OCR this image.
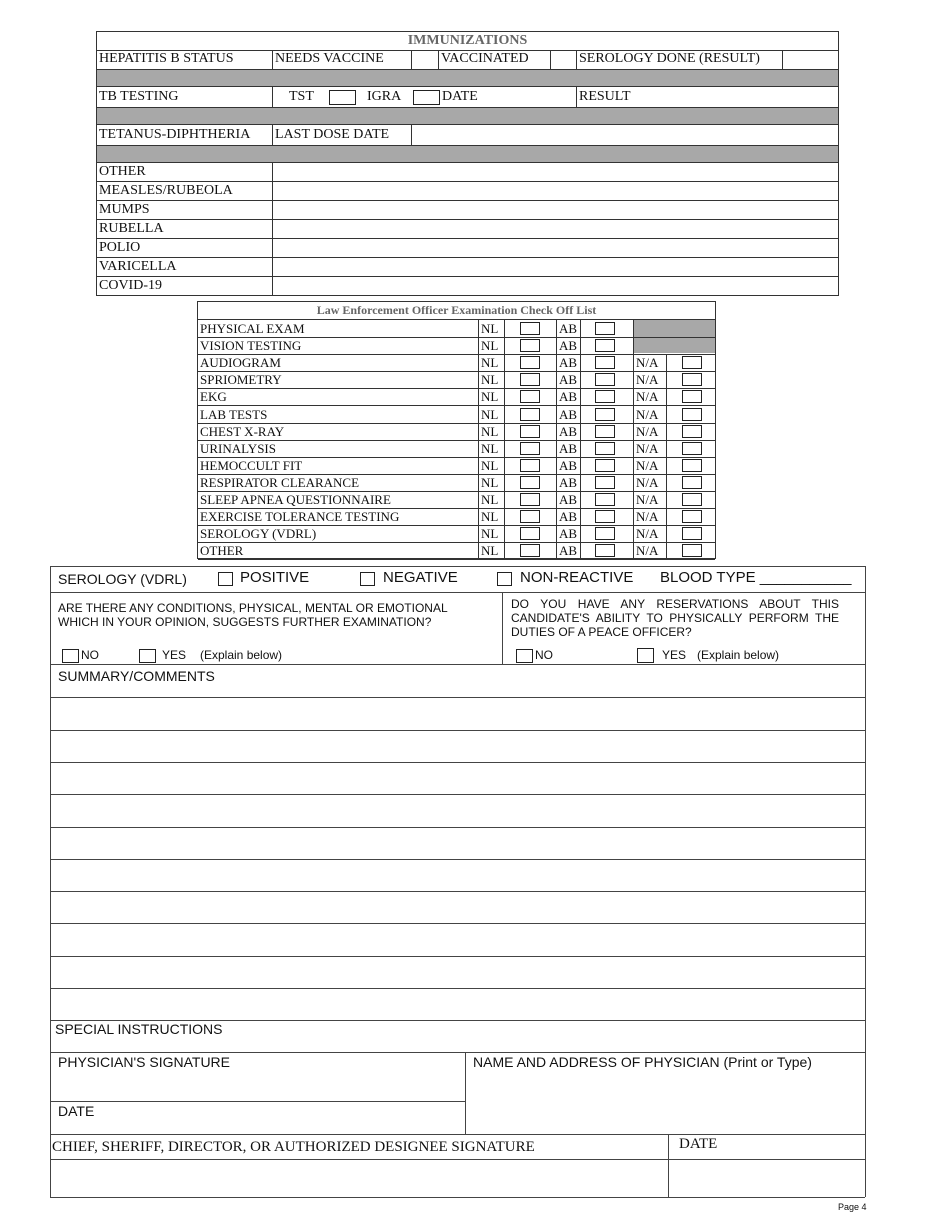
IMMUNIZATIONS
HEPATITIS B STATUS	NEEDS VACCINE	VACCINATED	SEROLOGY DONE (RESULT)
TB TESTING	TST	IGRA	DATE	RESULT
TETANUS-DIPHTHERIA LAST DOSE DATE
OTHER
MEASLES/RUBEOLA
MUMPS
RUBELLA
POLIO
VARICELLA
COVID-19
Law Enforcement Officer Examination Check Off List
PHYSICAL EXAM	NL	AB
VISION TESTING	NL	AB
AUDIOGRAM	NL	AB	N/A
SPRIOMETRY	NL	AB	N/A
EKG	NL	AB	N/A
LAB TESTS	NL	AB	N/A
CHEST X-RAY	NL	AB	N/A
URINALYSIS	NL	AB	N/A
HEMOCCULT FIT	NL	AB	N/A
RESPIRATOR CLEARANCE	NL	AB	N/A
SLEEP APNEA QUESTIONNAIRE	NL	AB	N/A
EXERCISE TOLERANCE TESTING	NL	AB	N/A
SEROLOGY (VDRL)	NL	AB	N/A
OTHER	NL	AB	N/A
SEROLOGY (VDRL)	POSITIVE	NEGATIVE	NON-REACTIVE BLOOD TYPE ___________
ARE THERE ANY CONDITIONS, PHYSICAL, MENTAL OR EMOTIONAL WHICH IN YOUR OPINION, SUGGESTS FURTHER EXAMINATION?
NO	YES (Explain below)
DO YOU HAVE ANY RESERVATIONS ABOUT THIS CANDIDATE'S ABILITY TO PHYSICALLY PERFORM THE DUTIES OF A PEACE OFFICER?
NO	YES (Explain below)
SUMMARY/COMMENTS
SPECIAL INSTRUCTIONS
PHYSICIAN'S SIGNATURE
DATE
NAME AND ADDRESS OF PHYSICIAN (Print or Type)
CHIEF, SHERIFF, DIRECTOR, OR AUTHORIZED DESIGNEE SIGNATURE	DATE
Page 4
